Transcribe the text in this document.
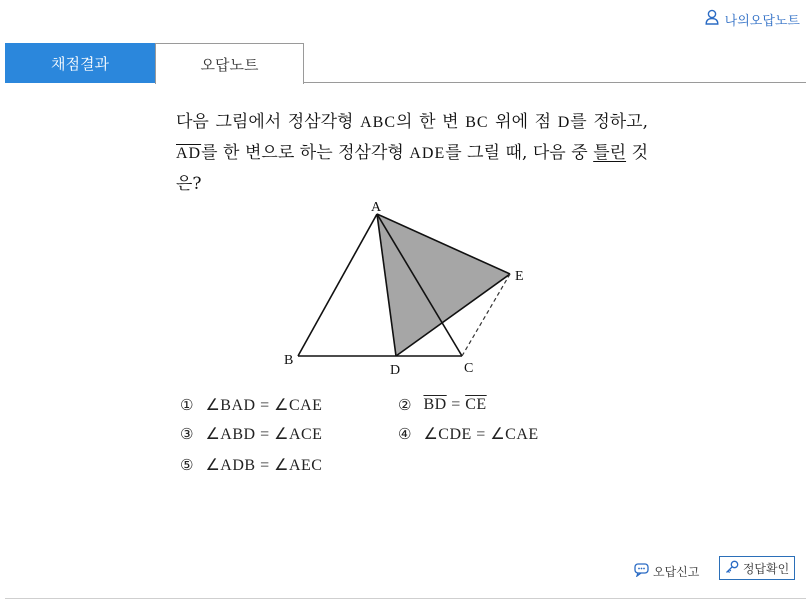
나의오답노트
채점결과	오답노트
다음 그림에서 정삼각형 ABC의 한 변 BC 위에 점 D를 정하고, $\overline{AD}$를 한 변으로 하는 정삼각형 ADE를 그릴 때, 다음 중 틀린 것은?
A
B
C
D
E
① ∠BAD = ∠CAE	② $\overline{BD} = \overline{CE}$
③ ∠ABD = ∠ACE	④ ∠CDE = ∠CAE
⑤ ∠ADB = ∠AEC
오답신고	정답확인
